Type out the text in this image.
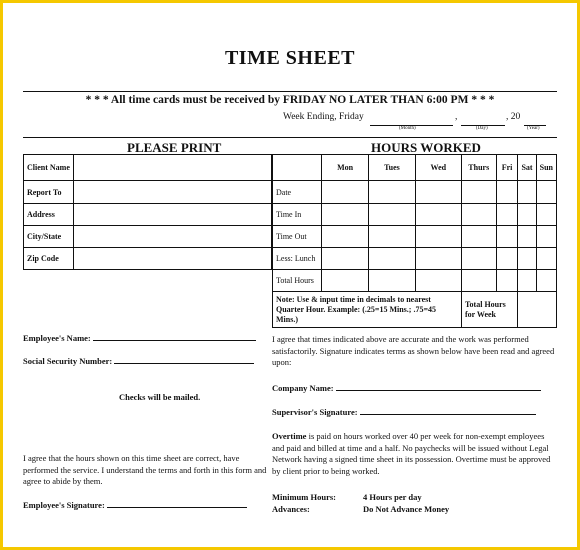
TIME SHEET
* * * All time cards must be received by FRIDAY NO LATER THAN 6:00 PM * * *
Week Ending, Friday	,	, 20
(Month)	(Day)	(Year)
PLEASE PRINT	HOURS WORKED
Client Name	
Report To	
Address	
City/State	
Zip Code	
	Mon	Tues	Wed	Thurs	Fri	Sat	Sun
Date							
Time In							
Time Out							
Less: Lunch							
Total Hours							
Note: Use & input time in decimals to nearest Quarter Hour. Example: (.25=15 Mins.; .75=45 Mins.)				Total Hours for Week			
Employee's Name:
Social Security Number:
Checks will be mailed.
I agree that the hours shown on this time sheet are correct, have performed the service. I understand the terms and forth in this form and agree to abide by them.
Employee's Signature:
I agree that times indicated above are accurate and the work was performed satisfactorily. Signature indicates terms as shown below have been read and agreed upon:
Company Name:
Supervisor's Signature:
Overtime is paid on hours worked over 40 per week for non-exempt employees and paid and billed at time and a half. No paychecks will be issued without Legal Network having a signed time sheet in its possession. Overtime must be approved by client prior to being worked.
Minimum Hours:	4 Hours per day
Advances:	Do Not Advance Money
